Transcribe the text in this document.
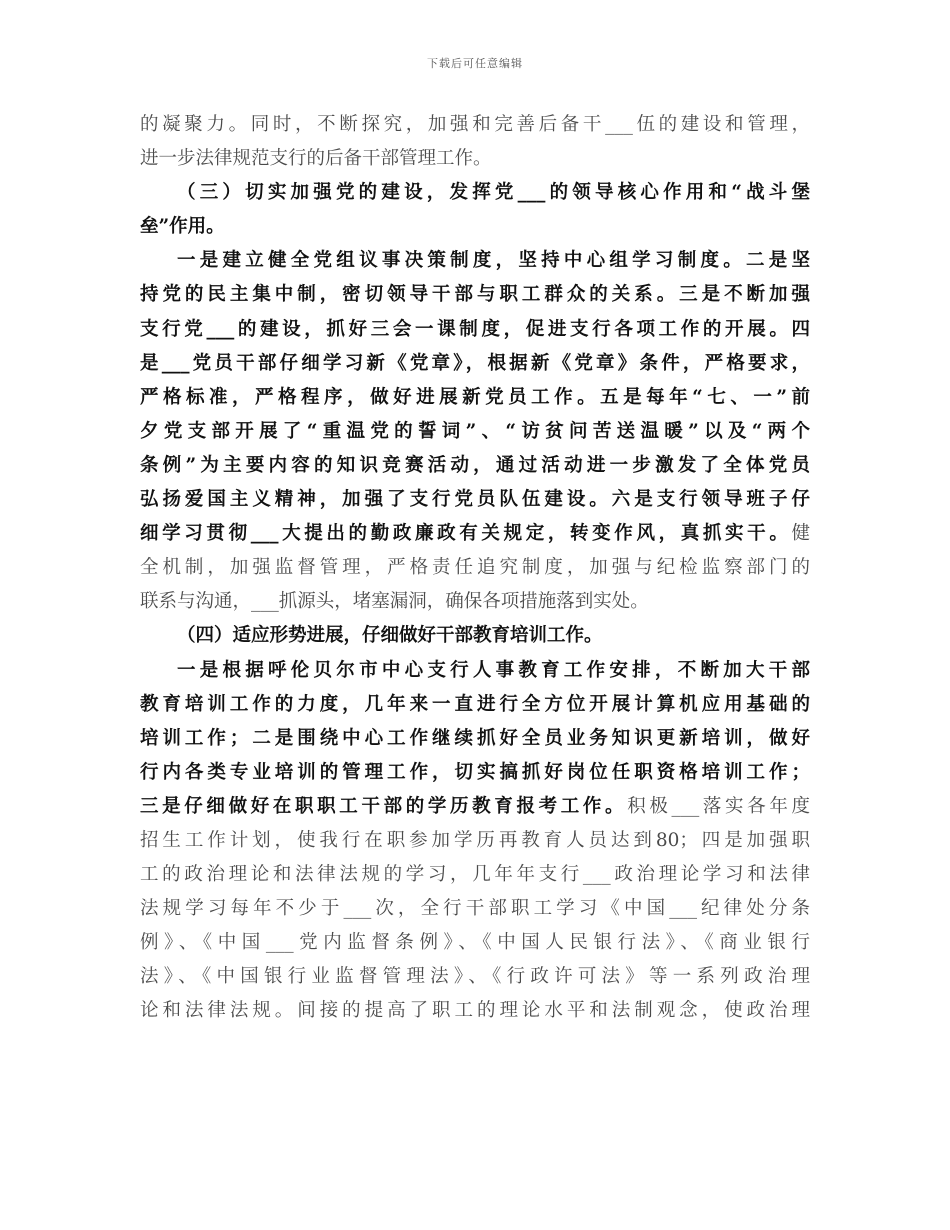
下载后可任意编辑
的凝聚力。同时，不断探究，加强和完善后备干___伍的建设和管理，
进一步法律规范支行的后备干部管理工作。
（三）切实加强党的建设，发挥党___的领导核心作用和“战斗堡
垒”作用。
一是建立健全党组议事决策制度，坚持中心组学习制度。二是坚
持党的民主集中制，密切领导干部与职工群众的关系。三是不断加强
支行党___的建设，抓好三会一课制度，促进支行各项工作的开展。四
是___党员干部仔细学习新《党章》，根据新《党章》条件，严格要求，
严格标准，严格程序，做好进展新党员工作。五是每年“七、一”前
夕党支部开展了“重温党的誓词”、“访贫问苦送温暖”以及“两个
条例”为主要内容的知识竞赛活动，通过活动进一步激发了全体党员
弘扬爱国主义精神，加强了支行党员队伍建设。六是支行领导班子仔
细学习贯彻___大提出的勤政廉政有关规定，转变作风，真抓实干。健
全机制，加强监督管理，严格责任追究制度，加强与纪检监察部门的
联系与沟通，___抓源头，堵塞漏洞，确保各项措施落到实处。
（四）适应形势进展，仔细做好干部教育培训工作。
一是根据呼伦贝尔市中心支行人事教育工作安排，不断加大干部
教育培训工作的力度，几年来一直进行全方位开展计算机应用基础的
培训工作；二是围绕中心工作继续抓好全员业务知识更新培训，做好
行内各类专业培训的管理工作，切实搞抓好岗位任职资格培训工作；
三是仔细做好在职职工干部的学历教育报考工作。积极___落实各年度
招生工作计划，使我行在职参加学历再教育人员达到80；四是加强职
工的政治理论和法律法规的学习，几年年支行___政治理论学习和法律
法规学习每年不少于___次，全行干部职工学习《中国___纪律处分条
例》、《中国___党内监督条例》、《中国人民银行法》、《商业银行
法》、《中国银行业监督管理法》、《行政许可法》等一系列政治理
论和法律法规。间接的提高了职工的理论水平和法制观念，使政治理
